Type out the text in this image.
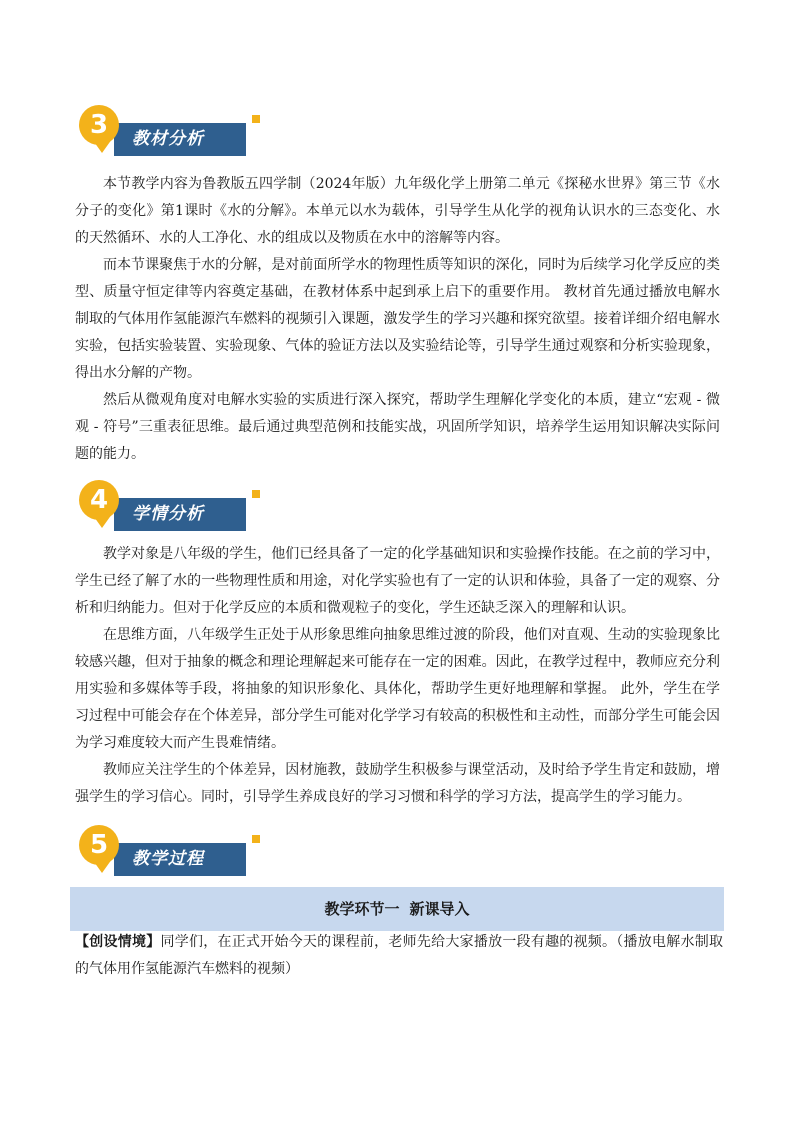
教材分析
3

本节教学内容为鲁教版五四学制（2024年版）九年级化学上册第二单元《探秘水世界》第三节《水分子的变化》第1课时《水的分解》。本单元以水为载体，引导学生从化学的视角认识水的三态变化、水的天然循环、水的人工净化、水的组成以及物质在水中的溶解等内容。

而本节课聚焦于水的分解，是对前面所学水的物理性质等知识的深化，同时为后续学习化学反应的类型、质量守恒定律等内容奠定基础，在教材体系中起到承上启下的重要作用。 教材首先通过播放电解水制取的气体用作氢能源汽车燃料的视频引入课题，激发学生的学习兴趣和探究欲望。接着详细介绍电解水实验，包括实验装置、实验现象、气体的验证方法以及实验结论等，引导学生通过观察和分析实验现象，得出水分解的产物。

然后从微观角度对电解水实验的实质进行深入探究，帮助学生理解化学变化的本质，建立“宏观 - 微观 - 符号”三重表征思维。最后通过典型范例和技能实战，巩固所学知识，培养学生运用知识解决实际问题的能力。

学情分析
4

教学对象是八年级的学生，他们已经具备了一定的化学基础知识和实验操作技能。在之前的学习中，学生已经了解了水的一些物理性质和用途，对化学实验也有了一定的认识和体验，具备了一定的观察、分析和归纳能力。但对于化学反应的本质和微观粒子的变化，学生还缺乏深入的理解和认识。

在思维方面，八年级学生正处于从形象思维向抽象思维过渡的阶段，他们对直观、生动的实验现象比较感兴趣，但对于抽象的概念和理论理解起来可能存在一定的困难。因此，在教学过程中，教师应充分利用实验和多媒体等手段，将抽象的知识形象化、具体化，帮助学生更好地理解和掌握。 此外，学生在学习过程中可能会存在个体差异，部分学生可能对化学学习有较高的积极性和主动性，而部分学生可能会因为学习难度较大而产生畏难情绪。

教师应关注学生的个体差异，因材施教，鼓励学生积极参与课堂活动，及时给予学生肯定和鼓励，增强学生的学习信心。同时，引导学生养成良好的学习习惯和科学的学习方法，提高学生的学习能力。

教学过程
5
教学环节一 新课导入

【创设情境】同学们，在正式开始今天的课程前，老师先给大家播放一段有趣的视频。（播放电解水制取的气体用作氢能源汽车燃料的视频）
